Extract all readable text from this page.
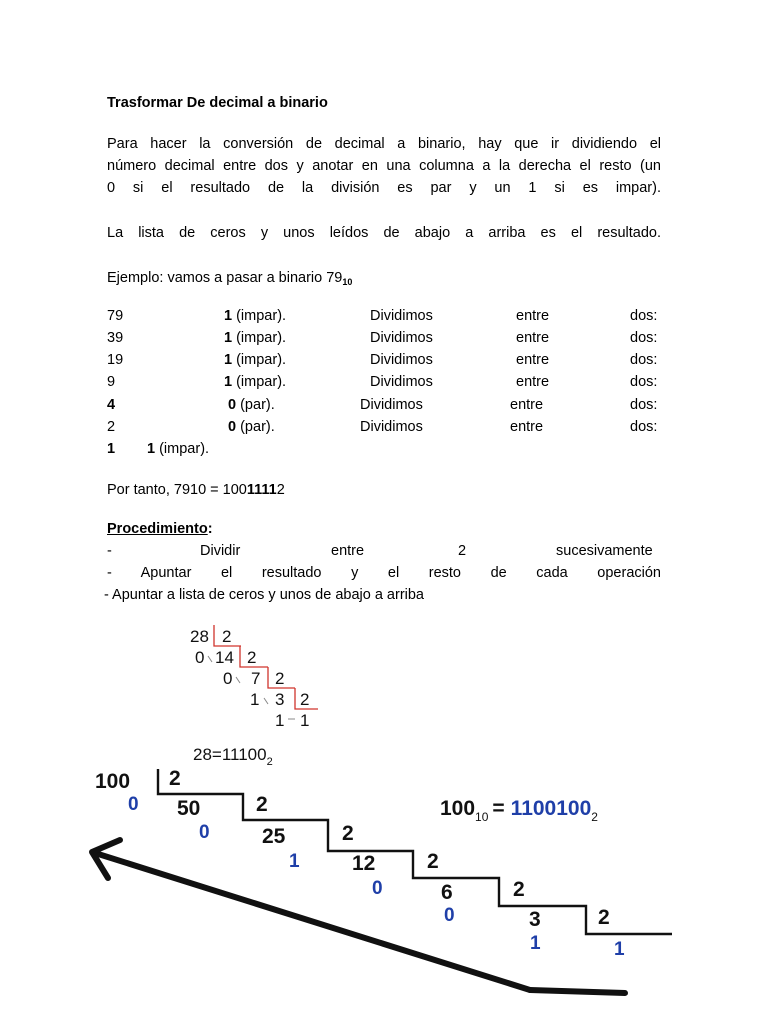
Trasformar De decimal a binario
Para hacer la conversión de decimal a binario, hay que ir dividiendo el
número decimal entre dos y anotar en una columna a la derecha el resto (un
0 si el resultado de la división es par y un 1 si es impar).
La lista de ceros y unos leídos de abajo a arriba es el resultado.
Ejemplo: vamos a pasar a binario $79_{10}$
79	1 (impar).	Dividimos	entre	dos:
39	1 (impar).	Dividimos	entre	dos:
19	1 (impar).	Dividimos	entre	dos:
9	1 (impar).	Dividimos	entre	dos:
4	0 (par).	Dividimos	entre	dos:
2	0 (par).	Dividimos	entre	dos:
1 1 (impar).
Por tanto, 7910 = 10011112
Procedimiento:
-	Dividir	entre	2	sucesivamente
- Apuntar el resultado y el resto de cada operación
- Apuntar a lista de ceros y unos de abajo a arriba
28 2
0 14 2
0 7 2
1 3 2
1 1
$28=11100_2$
100
50
25
12
6
3
2
2
2
2
2
2
0
0
1
0
0
1	1
$100_{10} = 1100100_2$
